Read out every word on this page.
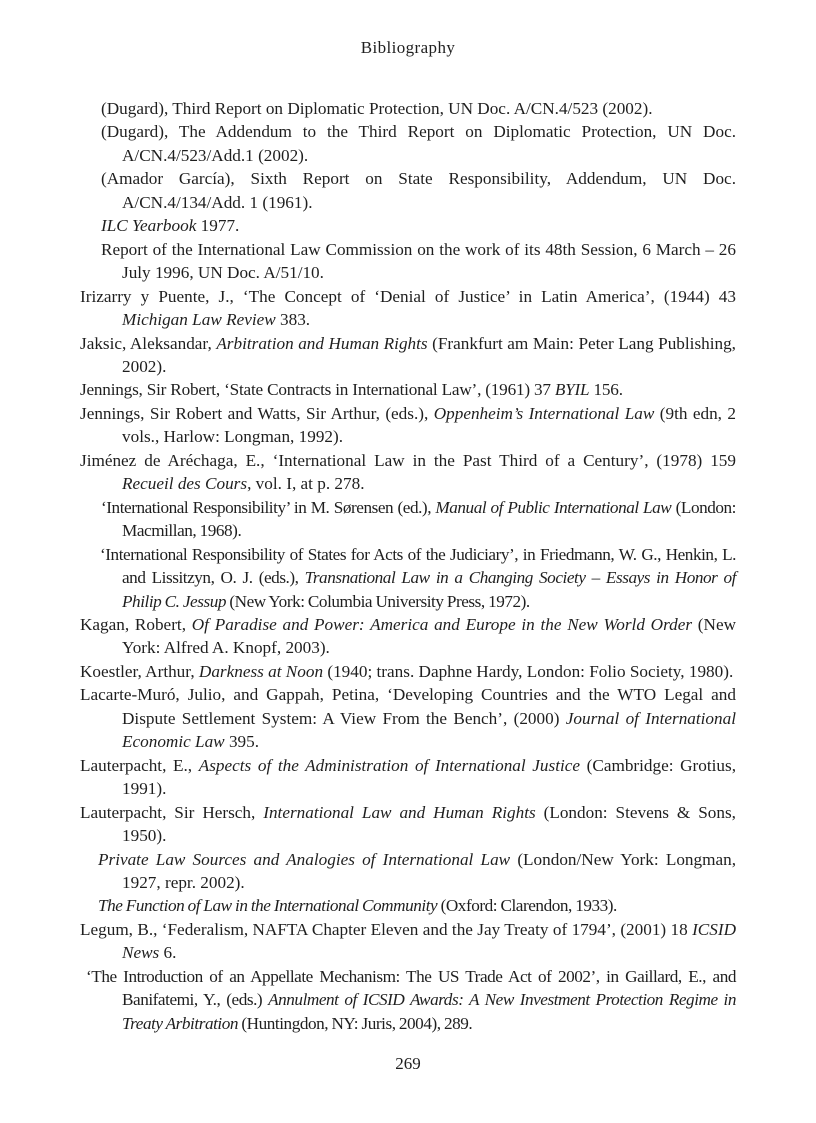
Bibliography

(Dugard), Third Report on Diplomatic Protection, UN Doc. A/CN.4/523 (2002).

(Dugard), The Addendum to the Third Report on Diplomatic Protection, UN Doc. A/CN.4/523/Add.1 (2002).

(Amador García), Sixth Report on State Responsibility, Addendum, UN Doc. A/CN.4/134/Add. 1 (1961).

ILC Yearbook 1977.

Report of the International Law Commission on the work of its 48th Session, 6 March – 26 July 1996, UN Doc. A/51/10.

Irizarry y Puente, J., ‘The Concept of ‘Denial of Justice’ in Latin America’, (1944) 43 Michigan Law Review 383.

Jaksic, Aleksandar, Arbitration and Human Rights (Frankfurt am Main: Peter Lang Publishing, 2002).

Jennings, Sir Robert, ‘State Contracts in International Law’, (1961) 37 BYIL 156.

Jennings, Sir Robert and Watts, Sir Arthur, (eds.), Oppenheim’s International Law (9th edn, 2 vols., Harlow: Longman, 1992).

Jiménez de Aréchaga, E., ‘International Law in the Past Third of a Century’, (1978) 159 Recueil des Cours, vol. I, at p. 278.

‘International Responsibility’ in M. Sørensen (ed.), Manual of Public International Law (London: Macmillan, 1968).

‘International Responsibility of States for Acts of the Judiciary’, in Friedmann, W. G., Henkin, L. and Lissitzyn, O. J. (eds.), Transnational Law in a Changing Society – Essays in Honor of Philip C. Jessup (New York: Columbia University Press, 1972).

Kagan, Robert, Of Paradise and Power: America and Europe in the New World Order (New York: Alfred A. Knopf, 2003).

Koestler, Arthur, Darkness at Noon (1940; trans. Daphne Hardy, London: Folio Society, 1980).

Lacarte-Muró, Julio, and Gappah, Petina, ‘Developing Countries and the WTO Legal and Dispute Settlement System: A View From the Bench’, (2000) Journal of International Economic Law 395.

Lauterpacht, E., Aspects of the Administration of International Justice (Cambridge: Grotius, 1991).

Lauterpacht, Sir Hersch, International Law and Human Rights (London: Stevens & Sons, 1950).

Private Law Sources and Analogies of International Law (London/New York: Longman, 1927, repr. 2002).

The Function of Law in the International Community (Oxford: Clarendon, 1933).

Legum, B., ‘Federalism, NAFTA Chapter Eleven and the Jay Treaty of 1794’, (2001) 18 ICSID News 6.

‘The Introduction of an Appellate Mechanism: The US Trade Act of 2002’, in Gaillard, E., and Banifatemi, Y., (eds.) Annulment of ICSID Awards: A New Investment Protection Regime in Treaty Arbitration (Huntingdon, NY: Juris, 2004), 289.

269
